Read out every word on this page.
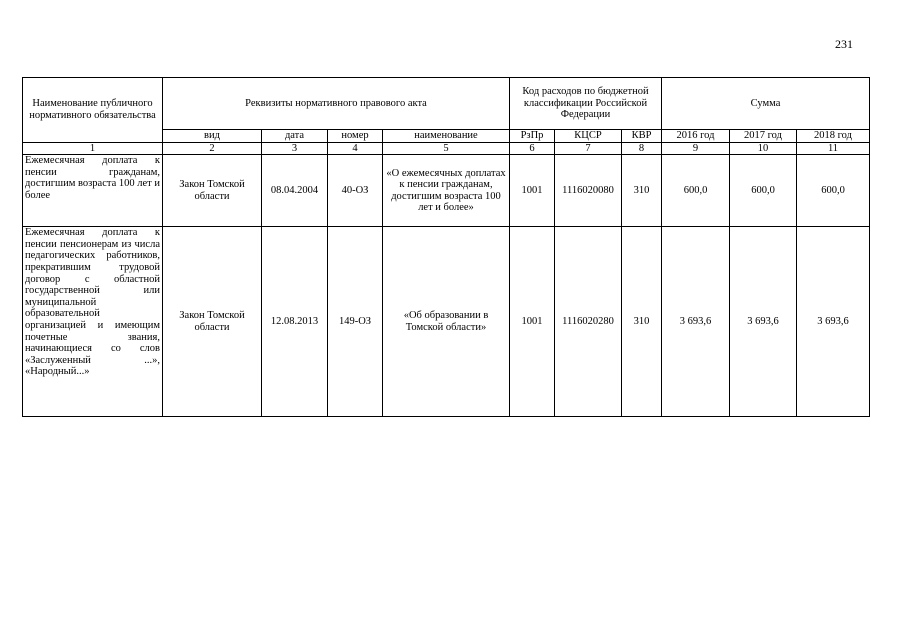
231
Наименование публичного нормативного обязательства	Реквизиты нормативного правового акта				Код расходов по бюджетной классификации Российской Федерации			Сумма		
	вид	дата	номер	наименование	РзПр	КЦСР	КВР	2016 год	2017 год	2018 год
1	2	3	4	5	6	7	8	9	10	11
Ежемесячная доплата к пенсии гражданам, достигшим возраста 100 лет и более	Закон Томской области	08.04.2004	40-ОЗ	«О ежемесячных доплатах к пенсии гражданам, достигшим возраста 100 лет и более»	1001	1116020080	310	600,0	600,0	600,0
Ежемесячная доплата к пенсии пенсионерам из числа педагогических работников, прекратившим трудовой договор с областной государственной или муниципальной образовательной организацией и имеющим почетные звания, начинающиеся со слов «Заслуженный ...», «Народный...»	Закон Томской области	12.08.2013	149-ОЗ	«Об образовании в Томской области»	1001	1116020280	310	3 693,6	3 693,6	3 693,6
